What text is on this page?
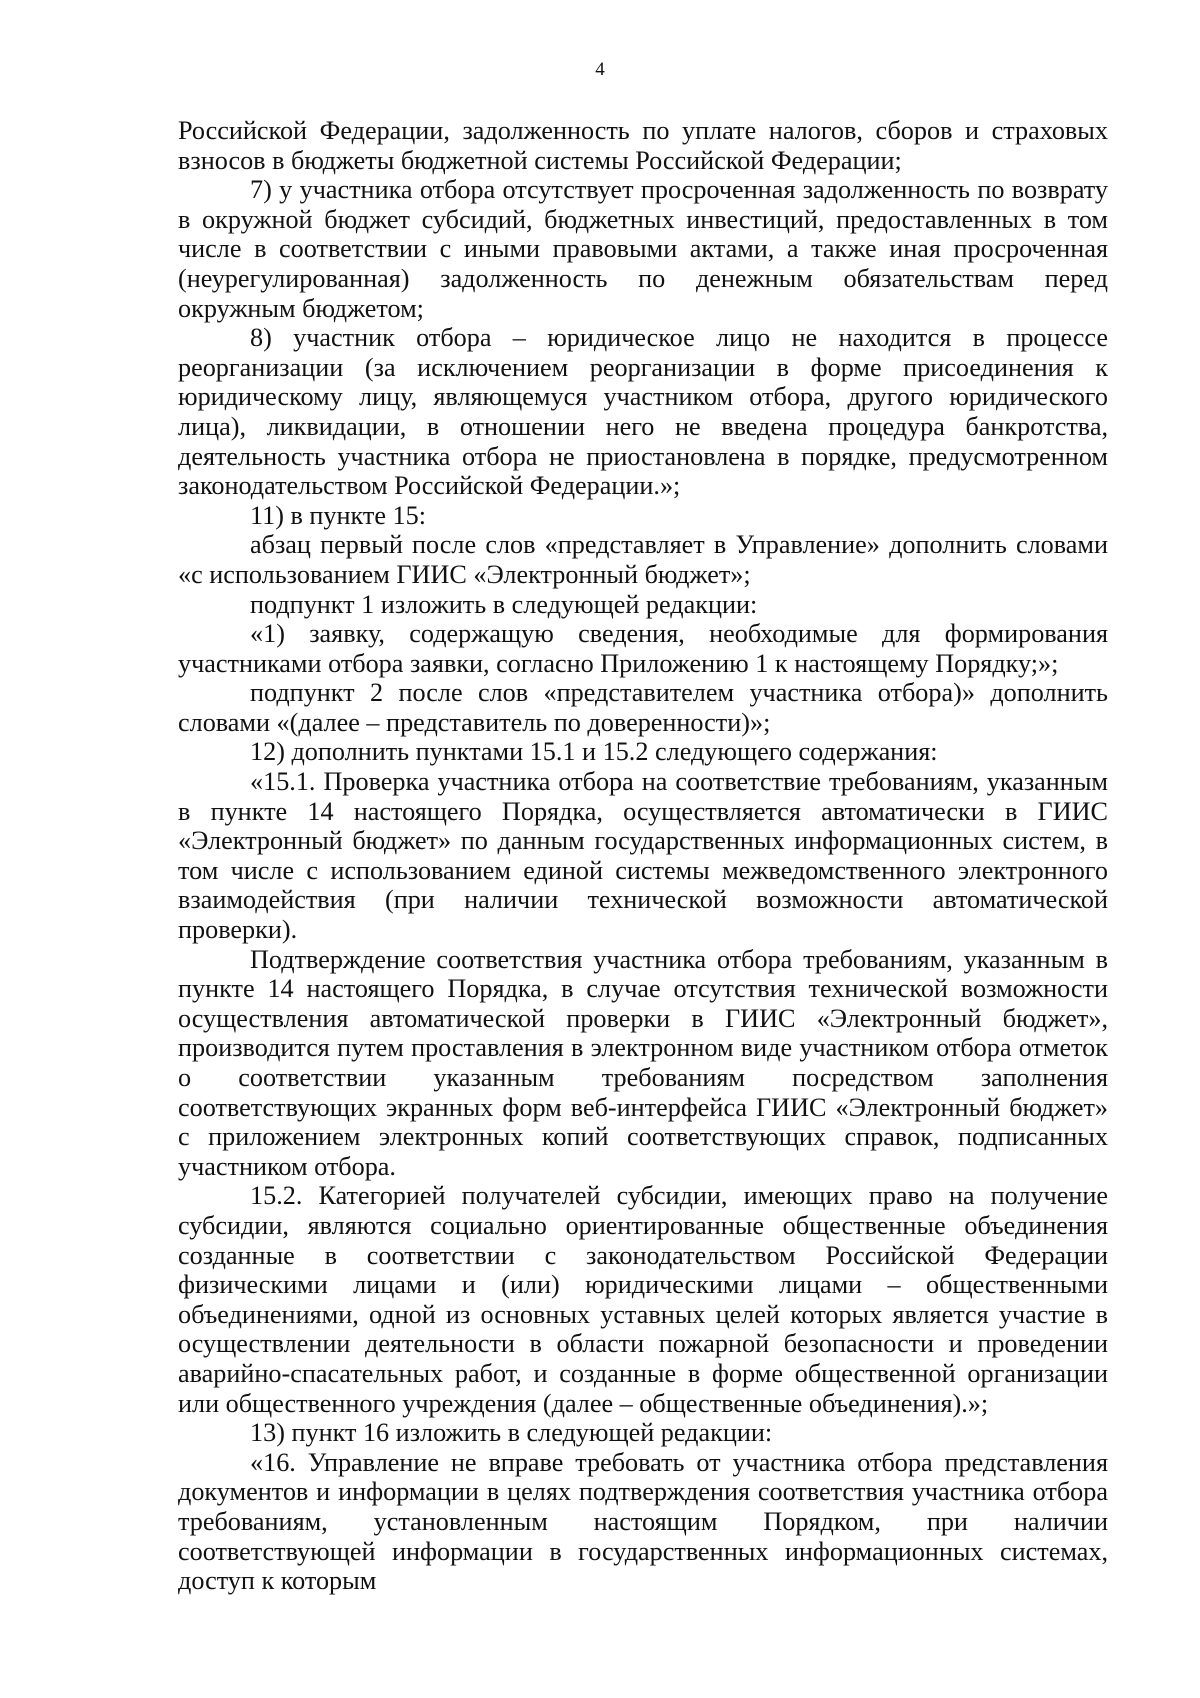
4

Российской Федерации, задолженность по уплате налогов, сборов и страховых взносов в бюджеты бюджетной системы Российской Федерации;

7) у участника отбора отсутствует просроченная задолженность по возврату в окружной бюджет субсидий, бюджетных инвестиций, предоставленных в том числе в соответствии с иными правовыми актами, а также иная просроченная (неурегулированная) задолженность по денежным обязательствам перед окружным бюджетом;

8) участник отбора – юридическое лицо не находится в процессе реорганизации (за исключением реорганизации в форме присоединения к юридическому лицу, являющемуся участником отбора, другого юридического лица), ликвидации, в отношении него не введена процедура банкротства, деятельность участника отбора не приостановлена в порядке, предусмотренном законодательством Российской Федерации.»;

11) в пункте 15:

абзац первый после слов «представляет в Управление» дополнить словами «с использованием ГИИС «Электронный бюджет»;

подпункт 1 изложить в следующей редакции:

«1) заявку, содержащую сведения, необходимые для формирования участниками отбора заявки, согласно Приложению 1 к настоящему Порядку;»;

подпункт 2 после слов «представителем участника отбора)» дополнить словами «(далее – представитель по доверенности)»;

12) дополнить пунктами 15.1 и 15.2 следующего содержания:

«15.1. Проверка участника отбора на соответствие требованиям, указанным в пункте 14 настоящего Порядка, осуществляется автоматически в ГИИС «Электронный бюджет» по данным государственных информационных систем, в том числе с использованием единой системы межведомственного электронного взаимодействия (при наличии технической возможности автоматической проверки).

Подтверждение соответствия участника отбора требованиям, указанным в пункте 14 настоящего Порядка, в случае отсутствия технической возможности осуществления автоматической проверки в ГИИС «Электронный бюджет», производится путем проставления в электронном виде участником отбора отметок о соответствии указанным требованиям посредством заполнения соответствующих экранных форм веб-интерфейса ГИИС «Электронный бюджет» с приложением электронных копий соответствующих справок, подписанных участником отбора.

15.2. Категорией получателей субсидии, имеющих право на получение субсидии, являются социально ориентированные общественные объединения созданные в соответствии с законодательством Российской Федерации физическими лицами и (или) юридическими лицами – общественными объединениями, одной из основных уставных целей которых является участие в осуществлении деятельности в области пожарной безопасности и проведении аварийно-спасательных работ, и созданные в форме общественной организации или общественного учреждения (далее – общественные объединения).»;

13) пункт 16 изложить в следующей редакции:

«16. Управление не вправе требовать от участника отбора представления документов и информации в целях подтверждения соответствия участника отбора требованиям, установленным настоящим Порядком, при наличии соответствующей информации в государственных информационных системах, доступ к которым
